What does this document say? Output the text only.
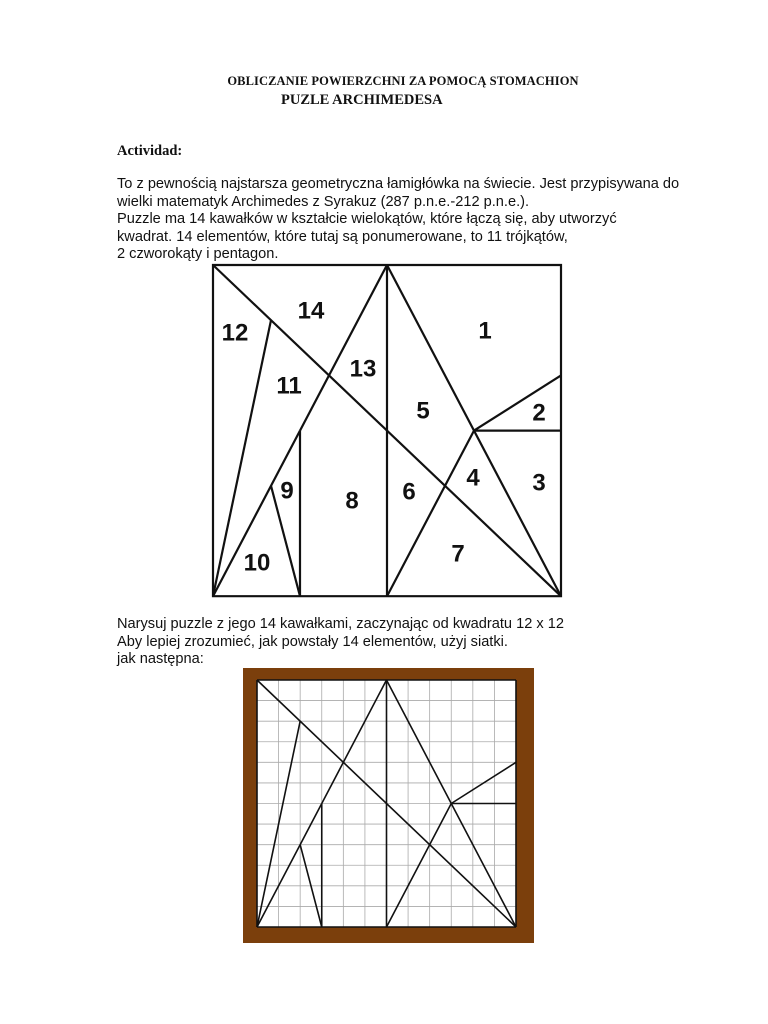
OBLICZANIE POWIERZCHNI ZA POMOCĄ STOMACHION
PUZLE ARCHIMEDESA
Actividad:
To z pewnością najstarsza geometryczna łamigłówka na świecie. Jest przypisywana do
wielki matematyk Archimedes z Syrakuz (287 p.n.e.-212 p.n.e.).
Puzzle ma 14 kawałków w kształcie wielokątów, które łączą się, aby utworzyć
kwadrat. 14 elementów, które tutaj są ponumerowane, to 11 trójkątów,
2 czworokąty i pentagon.
1
2
3
4
5
6
7
8
9
10
11
12
13
14
Narysuj puzzle z jego 14 kawałkami, zaczynając od kwadratu 12 x 12
Aby lepiej zrozumieć, jak powstały 14 elementów, użyj siatki.
jak następna:
